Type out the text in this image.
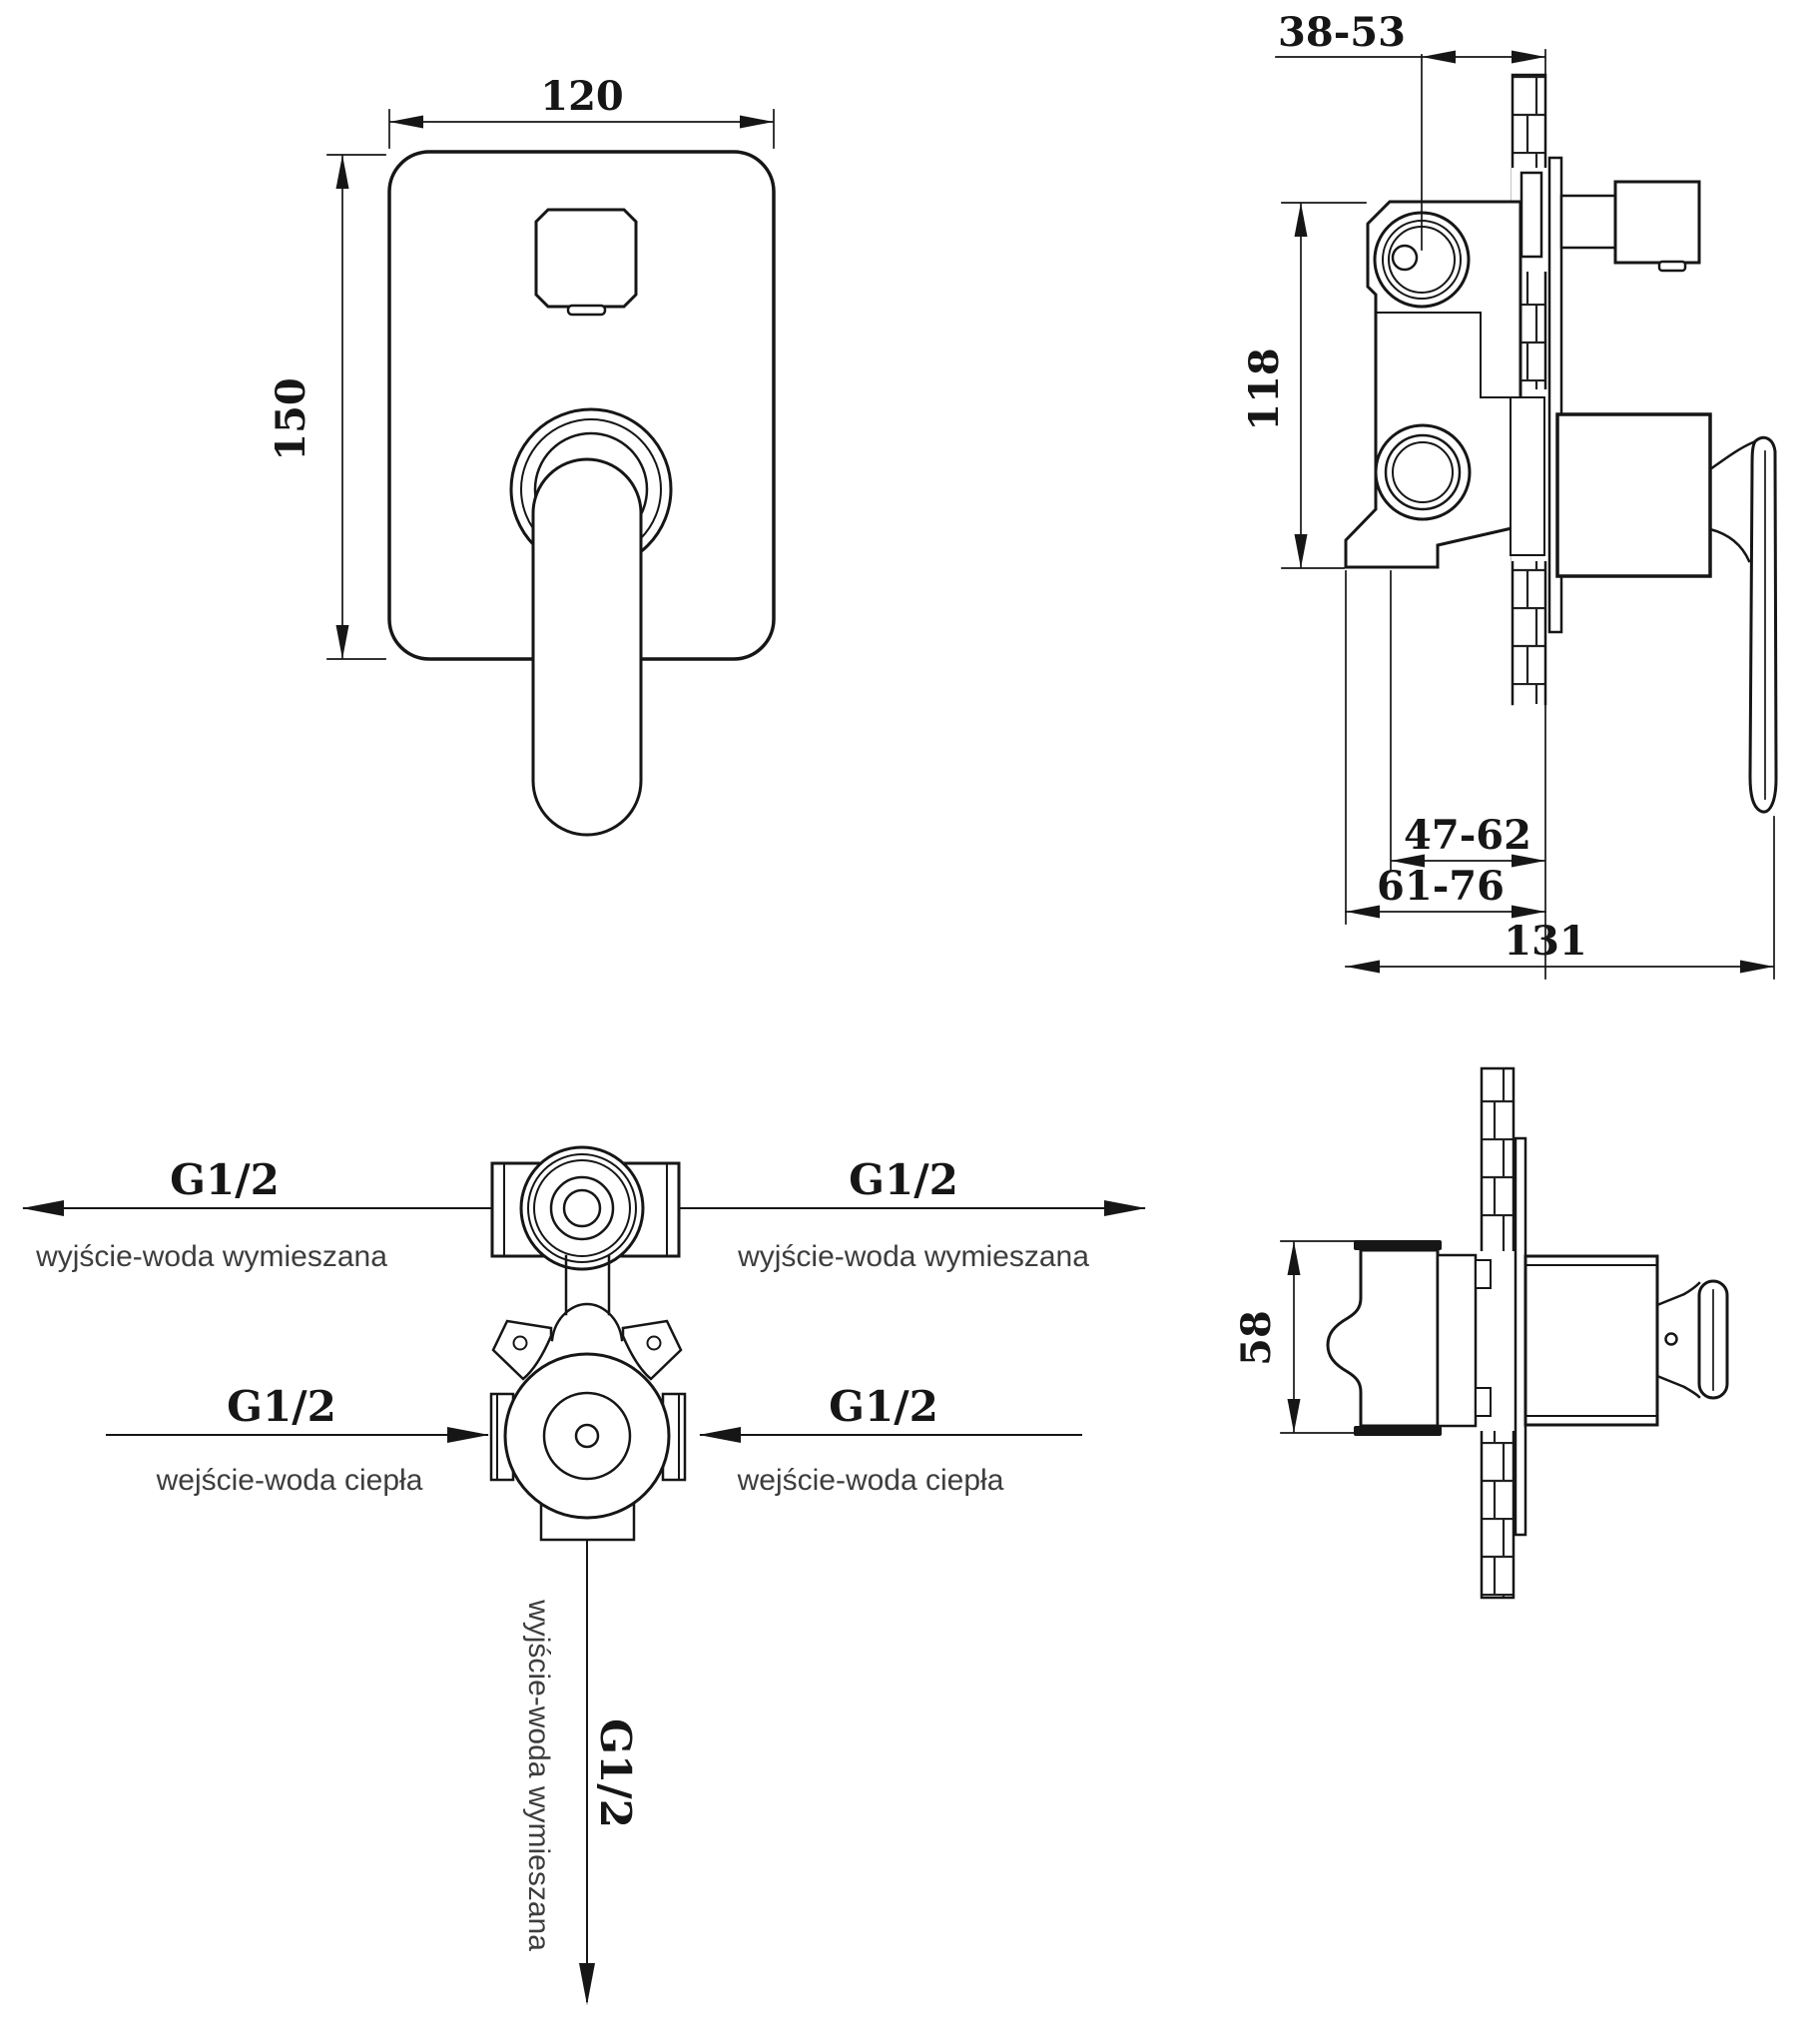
120
150
38-53
118
47-62
61-76
131
G1/2
wyjście-woda wymieszana
G1/2
wyjście-woda wymieszana
G1/2
wejście-woda ciepła
G1/2
wejście-woda ciepła
wyjście-woda wymieszana G1/2
58
